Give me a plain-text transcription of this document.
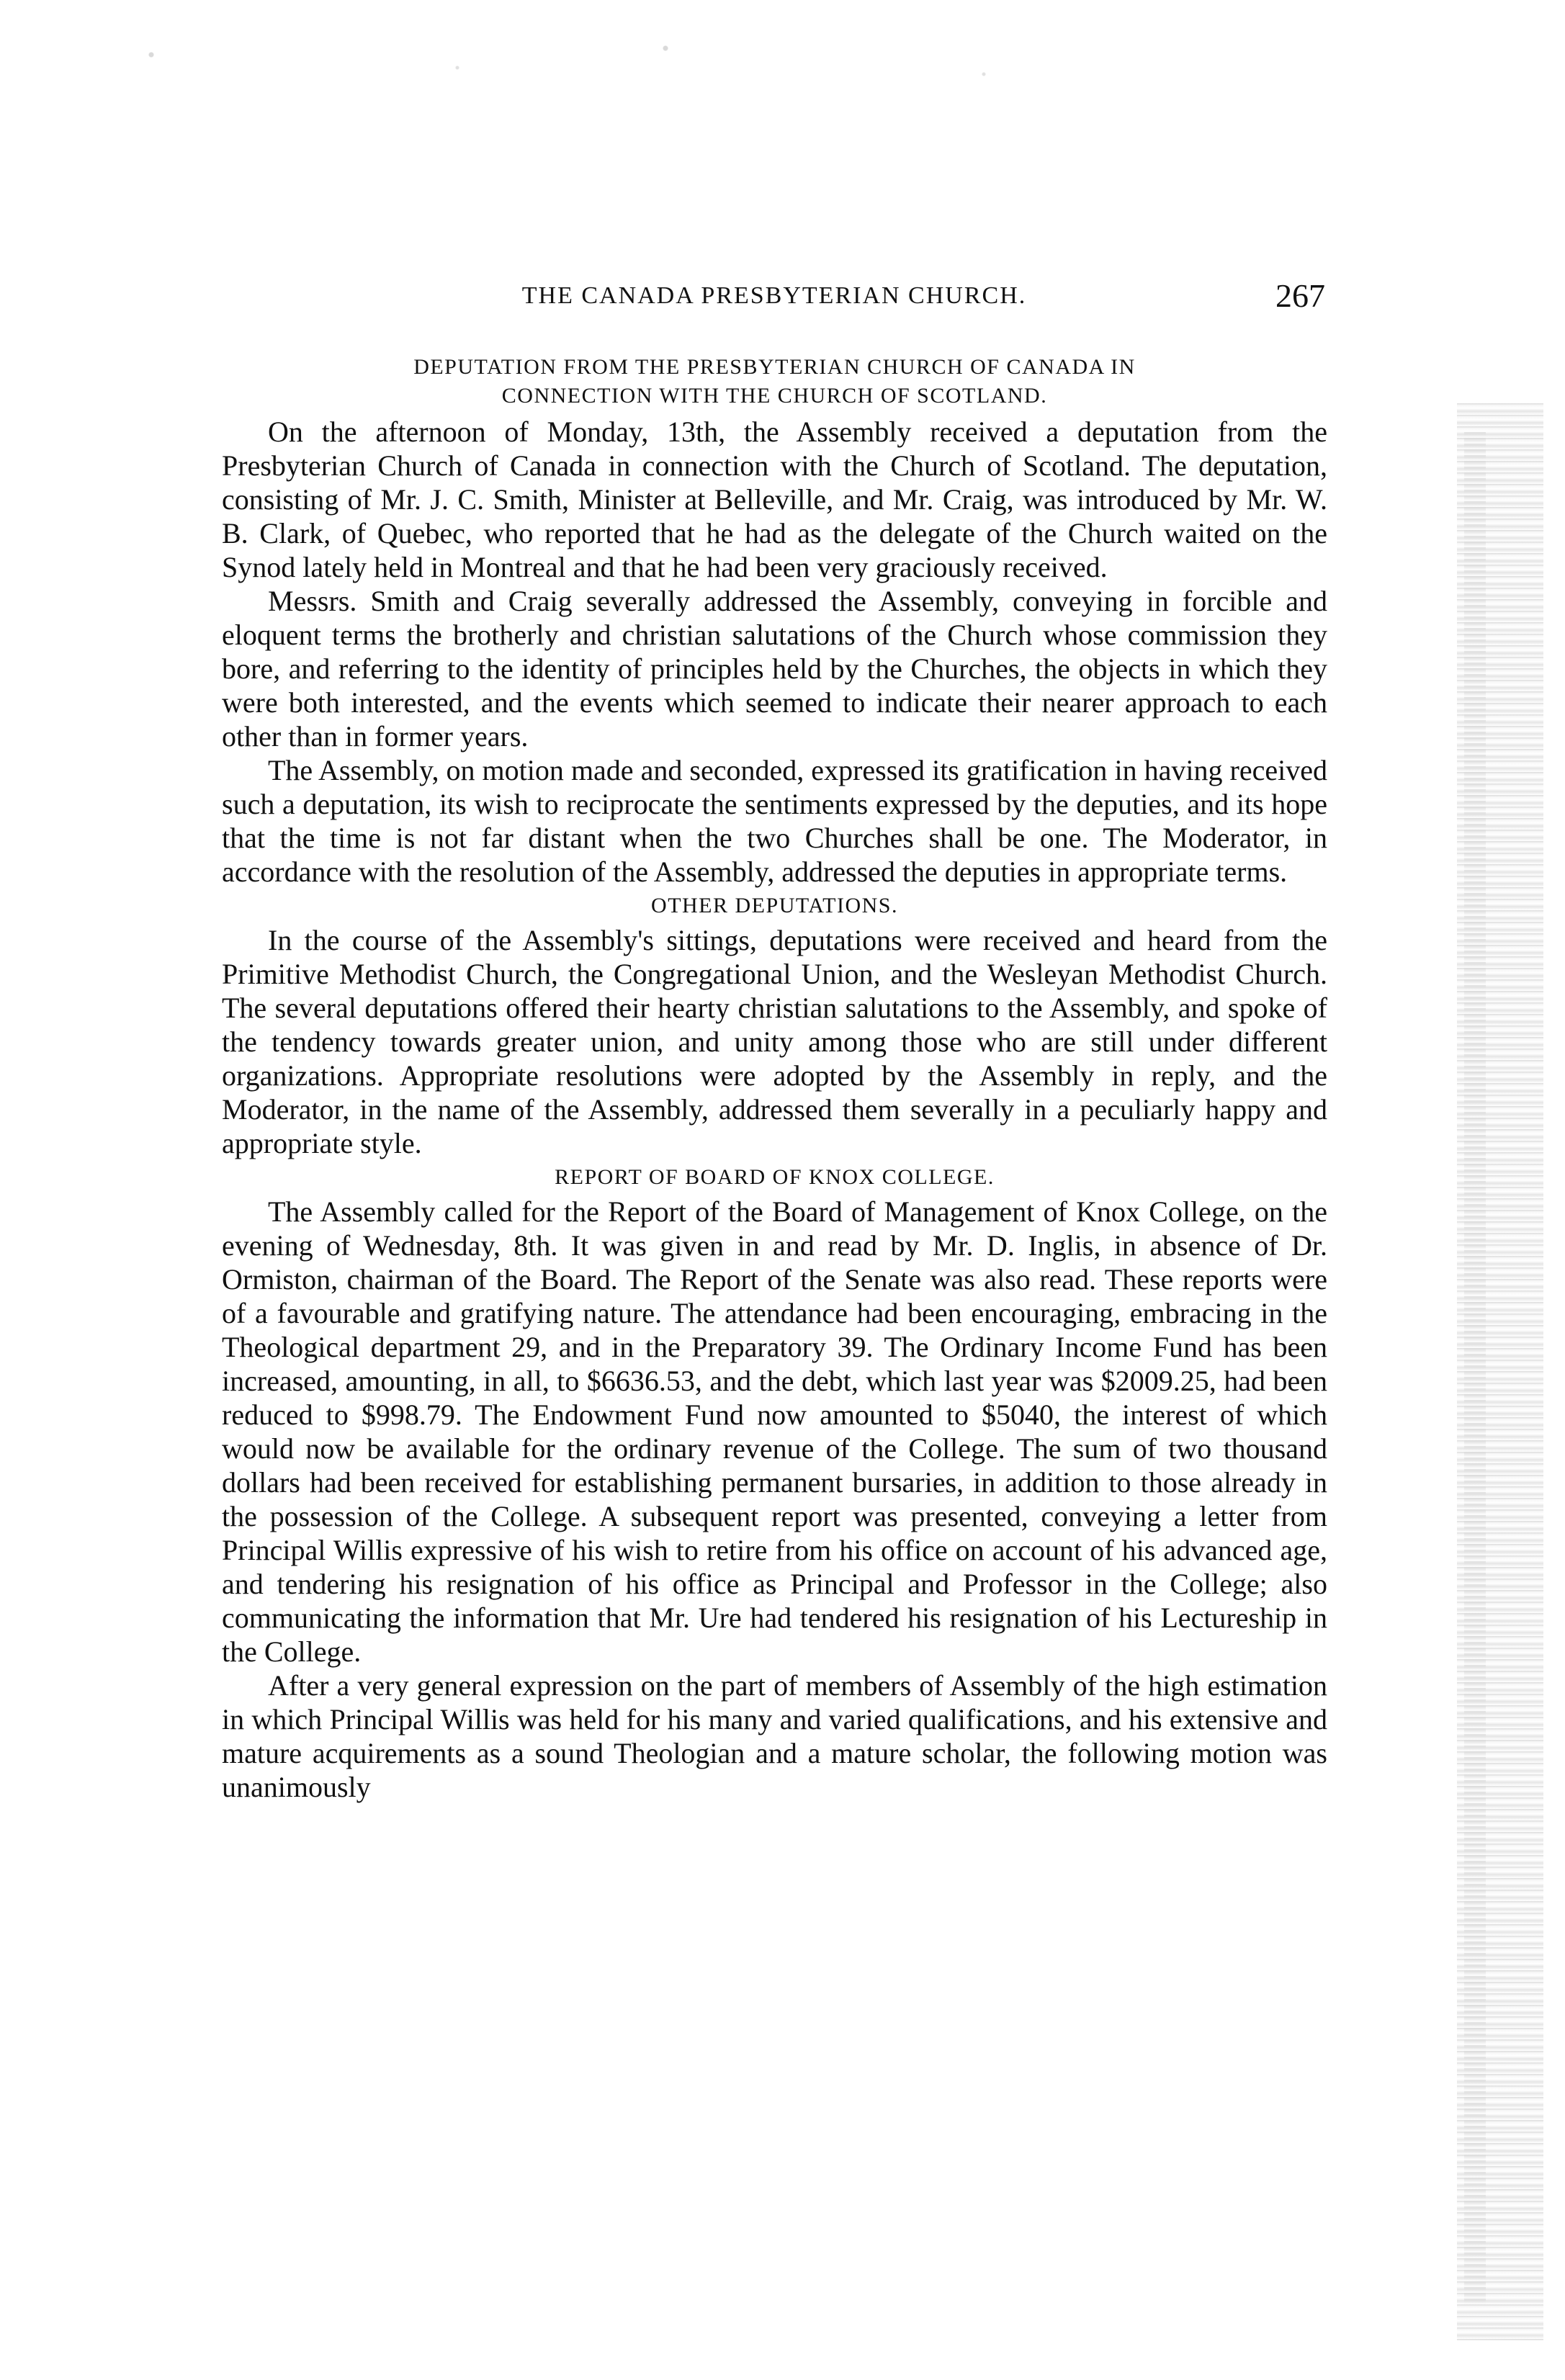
THE CANADA PRESBYTERIAN CHURCH.	267
DEPUTATION FROM THE PRESBYTERIAN CHURCH OF CANADA IN
CONNECTION WITH THE CHURCH OF SCOTLAND.

On the afternoon of Monday, 13th, the Assembly received a deputation from the Presbyterian Church of Canada in connection with the Church of Scotland. The deputation, consisting of Mr. J. C. Smith, Minister at Belleville, and Mr. Craig, was introduced by Mr. W. B. Clark, of Quebec, who reported that he had as the delegate of the Church waited on the Synod lately held in Montreal and that he had been very graciously received.

Messrs. Smith and Craig severally addressed the Assembly, conveying in forcible and eloquent terms the brotherly and christian salutations of the Church whose commission they bore, and referring to the identity of principles held by the Churches, the objects in which they were both interested, and the events which seemed to indicate their nearer approach to each other than in former years.

The Assembly, on motion made and seconded, expressed its gratification in having received such a deputation, its wish to reciprocate the sentiments expressed by the deputies, and its hope that the time is not far distant when the two Churches shall be one. The Moderator, in accordance with the resolution of the Assembly, addressed the deputies in appropriate terms.

OTHER DEPUTATIONS.

In the course of the Assembly's sittings, deputations were received and heard from the Primitive Methodist Church, the Congregational Union, and the Wesleyan Methodist Church. The several deputations offered their hearty christian salutations to the Assembly, and spoke of the tendency towards greater union, and unity among those who are still under different organizations. Appropriate resolutions were adopted by the Assembly in reply, and the Moderator, in the name of the Assembly, addressed them severally in a peculiarly happy and appropriate style.

REPORT OF BOARD OF KNOX COLLEGE.

The Assembly called for the Report of the Board of Management of Knox College, on the evening of Wednesday, 8th. It was given in and read by Mr. D. Inglis, in absence of Dr. Ormiston, chairman of the Board. The Report of the Senate was also read. These reports were of a favourable and gratifying nature. The attendance had been encouraging, embracing in the Theological department 29, and in the Preparatory 39. The Ordinary Income Fund has been increased, amounting, in all, to $6636.53, and the debt, which last year was $2009.25, had been reduced to $998.79. The Endowment Fund now amounted to $5040, the interest of which would now be available for the ordinary revenue of the College. The sum of two thousand dollars had been received for establishing permanent bursaries, in addition to those already in the possession of the College. A subsequent report was presented, conveying a letter from Principal Willis expressive of his wish to retire from his office on account of his advanced age, and tendering his resignation of his office as Principal and Professor in the College; also communicating the information that Mr. Ure had tendered his resignation of his Lectureship in the College.

After a very general expression on the part of members of Assembly of the high estimation in which Principal Willis was held for his many and varied qualifications, and his extensive and mature acquirements as a sound Theologian and a mature scholar, the following motion was unanimously
